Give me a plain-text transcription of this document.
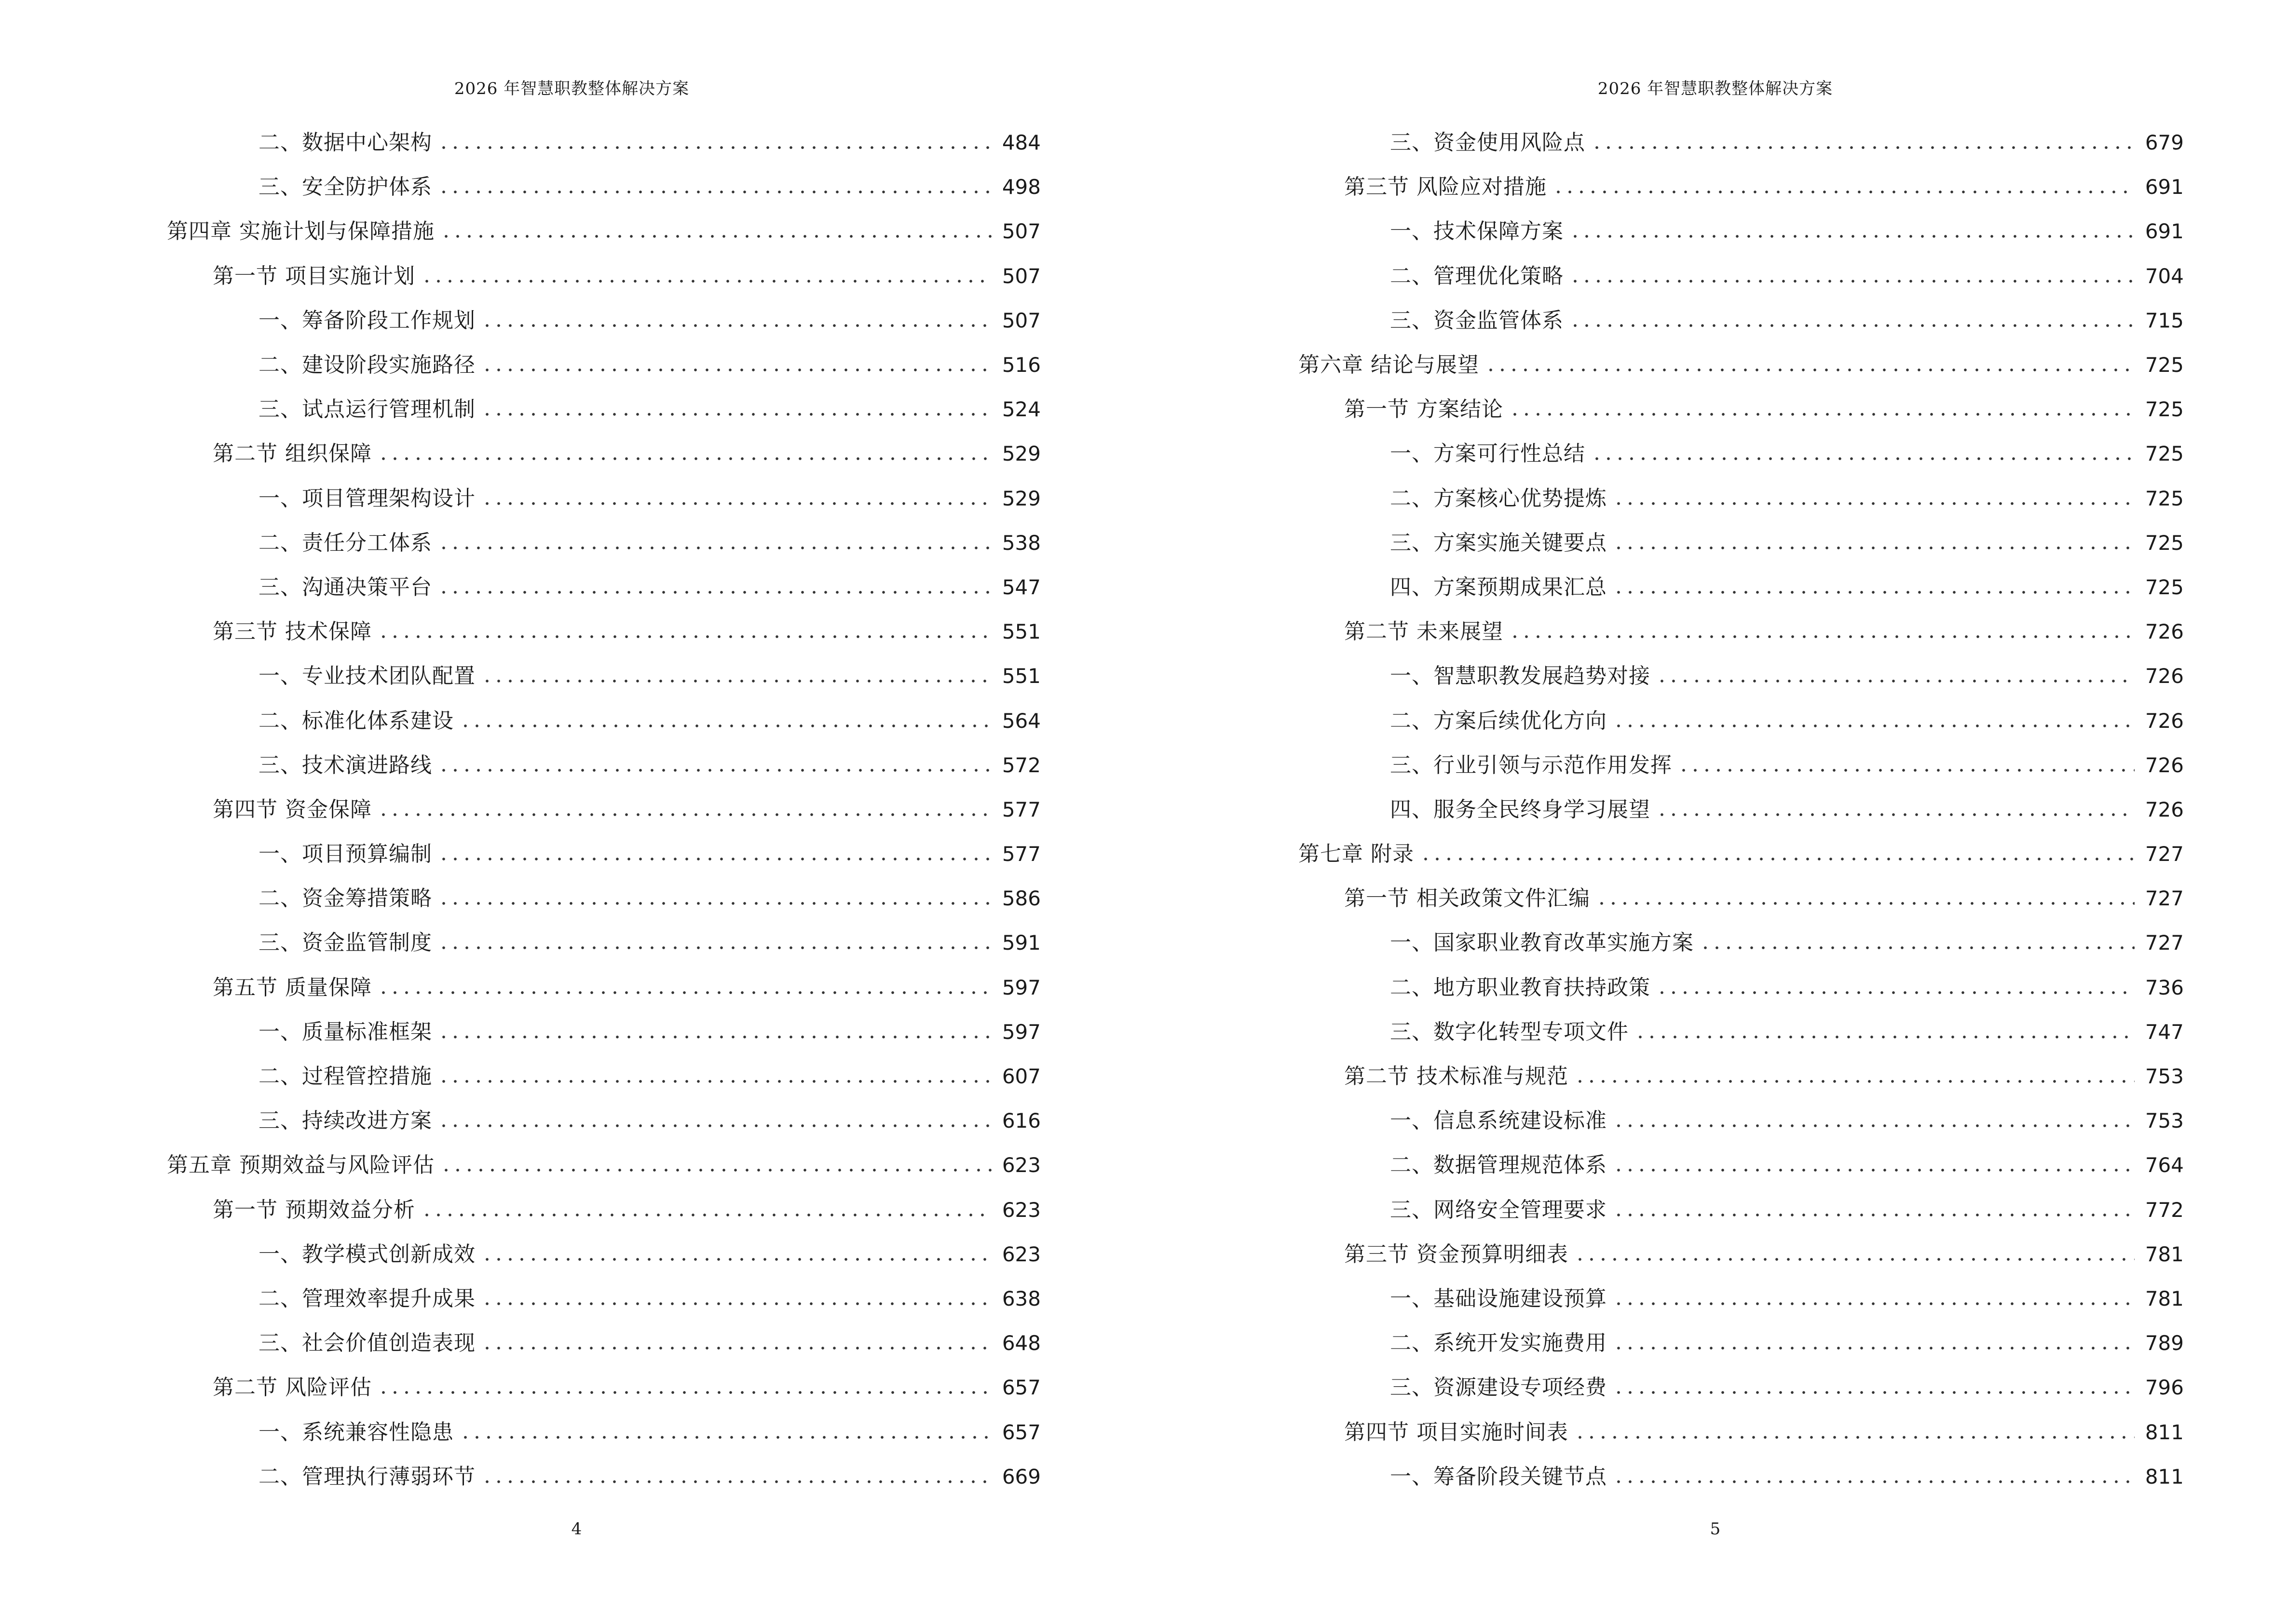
2026 年智慧职教整体解决方案
二、数据中心架构	484
三、安全防护体系	498
第四章 实施计划与保障措施	507
第一节 项目实施计划	507
一、筹备阶段工作规划	507
二、建设阶段实施路径	516
三、试点运行管理机制	524
第二节 组织保障	529
一、项目管理架构设计	529
二、责任分工体系	538
三、沟通决策平台	547
第三节 技术保障	551
一、专业技术团队配置	551
二、标准化体系建设	564
三、技术演进路线	572
第四节 资金保障	577
一、项目预算编制	577
二、资金筹措策略	586
三、资金监管制度	591
第五节 质量保障	597
一、质量标准框架	597
二、过程管控措施	607
三、持续改进方案	616
第五章 预期效益与风险评估	623
第一节 预期效益分析	623
一、教学模式创新成效	623
二、管理效率提升成果	638
三、社会价值创造表现	648
第二节 风险评估	657
一、系统兼容性隐患	657
二、管理执行薄弱环节	669
4
2026 年智慧职教整体解决方案
三、资金使用风险点	679
第三节 风险应对措施	691
一、技术保障方案	691
二、管理优化策略	704
三、资金监管体系	715
第六章 结论与展望	725
第一节 方案结论	725
一、方案可行性总结	725
二、方案核心优势提炼	725
三、方案实施关键要点	725
四、方案预期成果汇总	725
第二节 未来展望	726
一、智慧职教发展趋势对接	726
二、方案后续优化方向	726
三、行业引领与示范作用发挥	726
四、服务全民终身学习展望	726
第七章 附录	727
第一节 相关政策文件汇编	727
一、国家职业教育改革实施方案	727
二、地方职业教育扶持政策	736
三、数字化转型专项文件	747
第二节 技术标准与规范	753
一、信息系统建设标准	753
二、数据管理规范体系	764
三、网络安全管理要求	772
第三节 资金预算明细表	781
一、基础设施建设预算	781
二、系统开发实施费用	789
三、资源建设专项经费	796
第四节 项目实施时间表	811
一、筹备阶段关键节点	811
5
